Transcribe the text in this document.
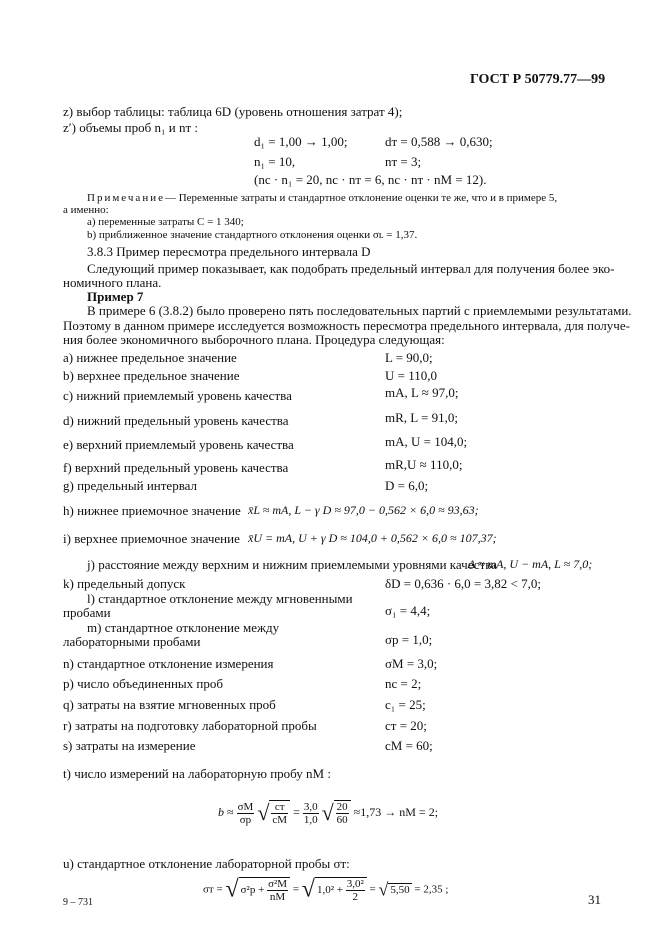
ГОСТ Р 50779.77—99
z) выбор таблицы: таблица 6D (уровень отношения затрат 4);
z′) объемы проб n₁ и nт :
d₁ = 1,00 → 1,00;	dт = 0,588 → 0,630;
n₁ = 10,	nт = 3;
(nс · n₁ = 20, nс · nт = 6, nс · nт · nМ = 12).
Примечание— Переменные затраты и стандартное отклонение оценки те же, что и в примере 5,
а именно:
а) переменные затраты C = 1 340;
b) приближенное значение стандартного отклонения оценки σʟ = 1,37.
3.8.3 Пример пересмотра предельного интервала D
Следующий пример показывает, как подобрать предельный интервал для получения более эко-
номичного плана.
Пример 7
В примере 6 (3.8.2) было проверено пять последовательных партий с приемлемыми результатами.
Поэтому в данном примере исследуется возможность пересмотра предельного интервала, для получе-
ния более экономичного выборочного плана. Процедура следующая:
a) нижнее предельное значение	L = 90,0;
b) верхнее предельное значение	U = 110,0
c) нижний приемлемый уровень качества	mA, L ≈ 97,0;
d) нижний предельный уровень качества	mR, L = 91,0;
e) верхний приемлемый уровень качества	mA, U = 104,0;
f) верхний предельный уровень качества	mR,U ≈ 110,0;
g) предельный интервал	D = 6,0;
h) нижнее приемочное значение x̄L ≈ mA, L − γ D ≈ 97,0 − 0,562 × 6,0 ≈ 93,63;
i) верхнее приемочное значение x̄U = mA, U + γ D ≈ 104,0 + 0,562 × 6,0 ≈ 107,37;
j) расстояние между верхним и нижним приемлемыми уровнями качества
Δ ≈ mA, U − mA, L ≈ 7,0;
k) предельный допуск	δD = 0,636 · 6,0 = 3,82 < 7,0;
l) стандартное отклонение между мгновенными
пробами	σ₁ = 4,4;
m) стандартное отклонение между
лабораторными пробами	σp = 1,0;
n) стандартное отклонение измерения	σM = 3,0;
p) число объединенных проб	nс = 2;
q) затраты на взятие мгновенных проб	c₁ = 25;
r) затраты на подготовку лабораторной пробы	cт = 20;
s) затраты на измерение	cM = 60;
t) число измерений на лабораторную пробу nM :
$b \approx \frac{\sigma M}{\sigma p}$ √ $\frac{cт}{cM} = \frac{3,0}{1,0}$ √ $\frac{20}{60} \approx 1,73$ → nM = 2;
u) стандартное отклонение лабораторной пробы σт:
σт = √ $\sigma^2p + \frac{\text{σ²M}}{nM}$ = √ $1,0^2 + \frac{\text{3,0²}}{2}$ = √ 5,50 = 2,35 ;
9 – 731	31
